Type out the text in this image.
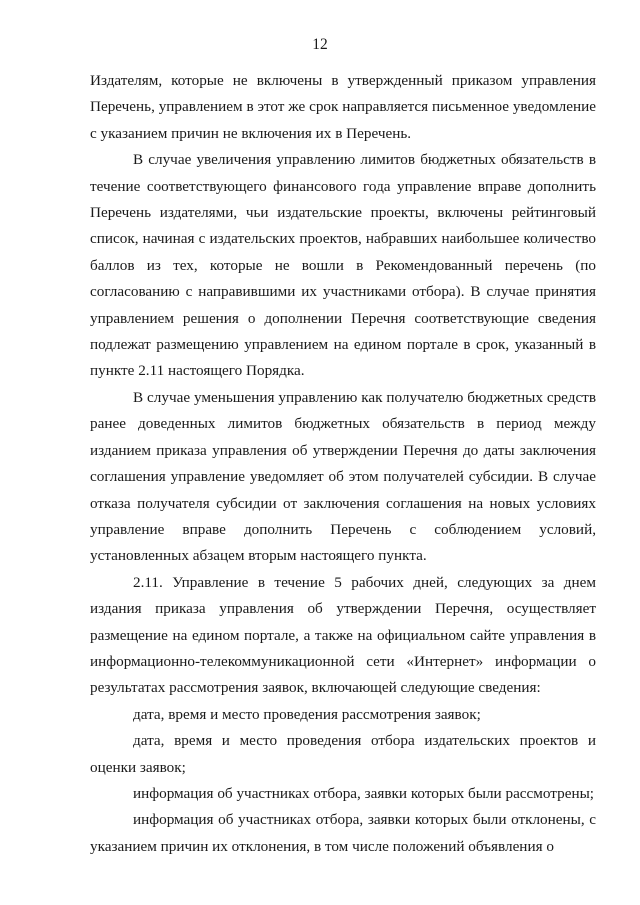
12

Издателям, которые не включены в утвержденный приказом управления Перечень, управлением в этот же срок направляется письменное уведомление с указанием причин не включения их в Перечень.

В случае увеличения управлению лимитов бюджетных обязательств в течение соответствующего финансового года управление вправе дополнить Перечень издателями, чьи издательские проекты, включены рейтинговый список, начиная с издательских проектов, набравших наибольшее количество баллов из тех, которые не вошли в Рекомендованный перечень (по согласованию с направившими их участниками отбора). В случае принятия управлением решения о дополнении Перечня соответствующие сведения подлежат размещению управлением на едином портале в срок, указанный в пункте 2.11 настоящего Порядка.

В случае уменьшения управлению как получателю бюджетных средств ранее доведенных лимитов бюджетных обязательств в период между изданием приказа управления об утверждении Перечня до даты заключения соглашения управление уведомляет об этом получателей субсидии. В случае отказа получателя субсидии от заключения соглашения на новых условиях управление вправе дополнить Перечень с соблюдением условий, установленных абзацем вторым настоящего пункта.

2.11. Управление в течение 5 рабочих дней, следующих за днем издания приказа управления об утверждении Перечня, осуществляет размещение на едином портале, а также на официальном сайте управления в информационно-телекоммуникационной сети «Интернет» информации о результатах рассмотрения заявок, включающей следующие сведения:

дата, время и место проведения рассмотрения заявок;

дата, время и место проведения отбора издательских проектов и оценки заявок;

информация об участниках отбора, заявки которых были рассмотрены;

информация об участниках отбора, заявки которых были отклонены, с указанием причин их отклонения, в том числе положений объявления о
